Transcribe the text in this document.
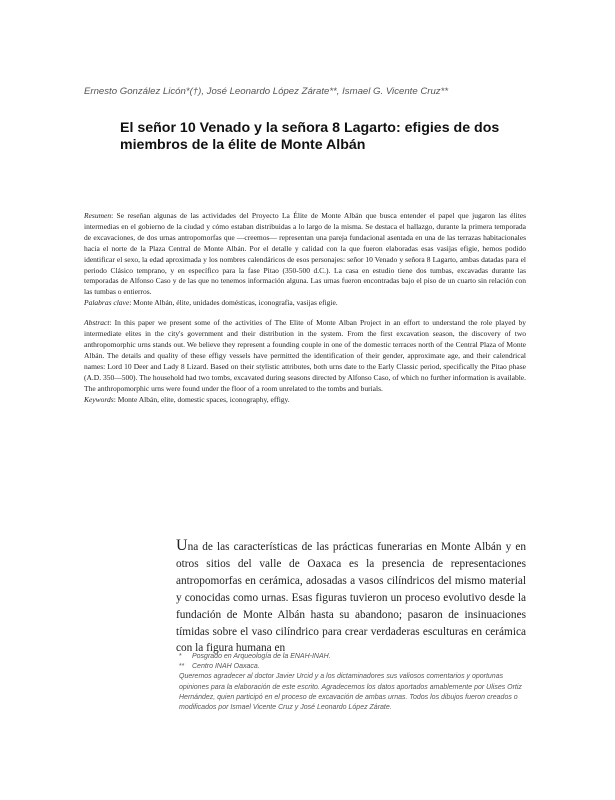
Ernesto González Licón*(†), José Leonardo López Zárate**, Ismael G. Vicente Cruz**
El señor 10 Venado y la señora 8 Lagarto: efigies de dos miembros de la élite de Monte Albán

Resumen: Se reseñan algunas de las actividades del Proyecto La Élite de Monte Albán que busca entender el papel que jugaron las élites intermedias en el gobierno de la ciudad y cómo estaban distribuidas a lo largo de la misma. Se destaca el hallazgo, durante la primera temporada de excavaciones, de dos urnas antropomorfas que —creemos— representan una pareja fundacional asentada en una de las terrazas habitacionales hacia el norte de la Plaza Central de Monte Albán. Por el detalle y calidad con la que fueron elaboradas esas vasijas efigie, hemos podido identificar el sexo, la edad aproximada y los nombres calendáricos de esos personajes: señor 10 Venado y señora 8 Lagarto, ambas datadas para el periodo Clásico temprano, y en específico para la fase Pitao (350-500 d.C.). La casa en estudio tiene dos tumbas, excavadas durante las temporadas de Alfonso Caso y de las que no tenemos información alguna. Las urnas fueron encontradas bajo el piso de un cuarto sin relación con las tumbas o entierros.

Palabras clave: Monte Albán, élite, unidades domésticas, iconografía, vasijas efigie.

Abstract: In this paper we present some of the activities of The Elite of Monte Alban Project in an effort to understand the role played by intermediate elites in the city's government and their distribution in the system. From the first excavation season, the discovery of two anthropomorphic urns stands out. We believe they represent a founding couple in one of the domestic terraces north of the Central Plaza of Monte Albán. The details and quality of these effigy vessels have permitted the identification of their gender, approximate age, and their calendrical names: Lord 10 Deer and Lady 8 Lizard. Based on their stylistic attributes, both urns date to the Early Classic period, specifically the Pitao phase (A.D. 350—500). The household had two tombs, excavated during seasons directed by Alfonso Caso, of which no further information is available. The anthropomorphic urns were found under the floor of a room unrelated to the tombs and burials.

Keywords: Monte Albán, elite, domestic spaces, iconography, effigy.

Una de las características de las prácticas funerarias en Monte Albán y en otros sitios del valle de Oaxaca es la presencia de representaciones antropomorfas en cerámica, adosadas a vasos cilíndricos del mismo material y conocidas como urnas. Esas figuras tuvieron un proceso evolutivo desde la fundación de Monte Albán hasta su abandono; pasaron de insinuaciones tímidas sobre el vaso cilíndrico para crear verdaderas esculturas en cerámica con la figura humana en

*	Posgrado en Arqueología de la ENAH-INAH.
**	Centro INAH Oaxaca.
Queremos agradecer al doctor Javier Urcid y a los dictaminadores sus valiosos comentarios y oportunas opiniones para la elaboración de este escrito. Agradecemos los datos aportados amablemente por Ulises Ortiz Hernández, quien participó en el proceso de excavación de ambas urnas. Todos los dibujos fueron creados o modificados por Ismael Vicente Cruz y José Leonardo López Zárate.
